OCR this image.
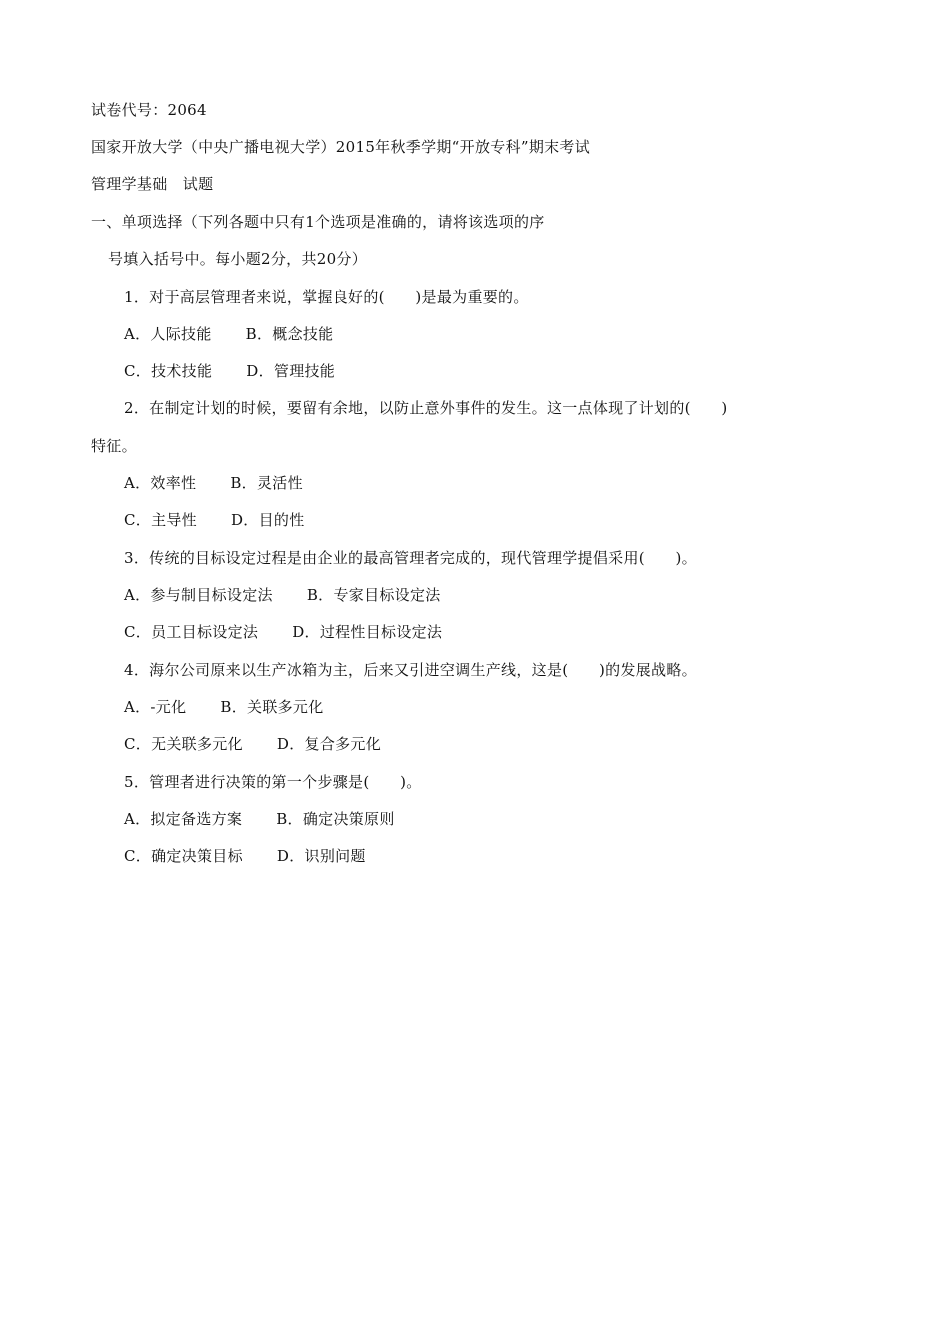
试卷代号：2064
国家开放大学（中央广播电视大学）2015年秋季学期“开放专科”期末考试
管理学基础　试题
一、单项选择（下列各题中只有1个选项是准确的，请将该选项的序
号填入括号中。每小题2分，共20分）
1．对于高层管理者来说，掌握良好的(　　)是最为重要的。
A．人际技能 B．概念技能
C．技术技能 D．管理技能
2．在制定计划的时候，要留有余地，以防止意外事件的发生。这一点体现了计划的(　　)
特征。
A．效率性 B．灵活性
C．主导性 D．目的性
3．传统的目标设定过程是由企业的最高管理者完成的，现代管理学提倡采用(　　)。
A．参与制目标设定法 B．专家目标设定法
C．员工目标设定法 D．过程性目标设定法
4．海尔公司原来以生产冰箱为主，后来又引进空调生产线，这是(　　)的发展战略。
A．-元化 B．关联多元化
C．无关联多元化 D．复合多元化
5．管理者进行决策的第一个步骤是(　　)。
A．拟定备选方案 B．确定决策原则
C．确定决策目标 D．识别问题
